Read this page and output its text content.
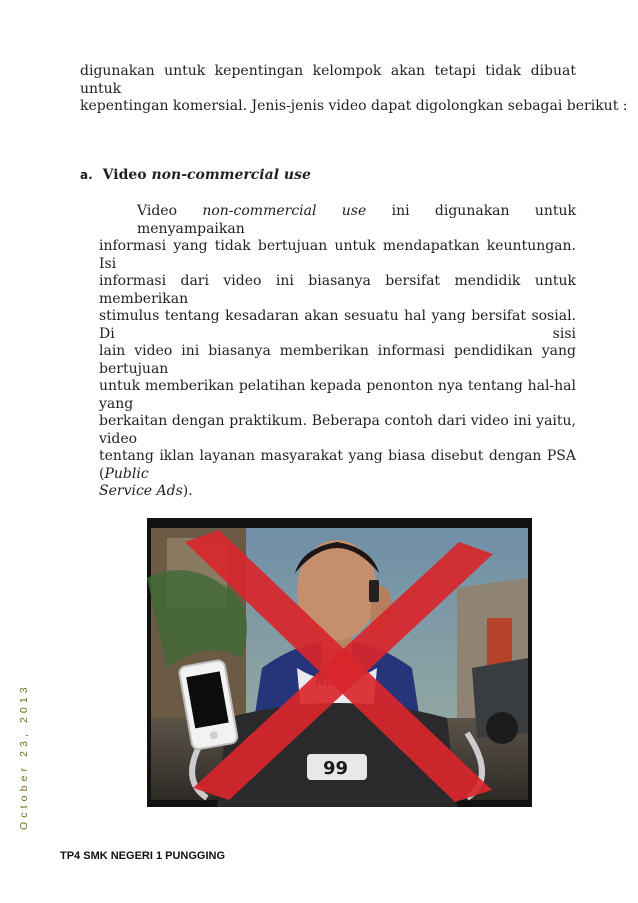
digunakan untuk kepentingan kelompok akan tetapi tidak dibuat untuk
kepentingan komersial. Jenis-jenis video dapat digolongkan sebagai berikut :
a. Video non-commercial use
Video non-commercial use ini digunakan untuk menyampaikan
informasi yang tidak bertujuan untuk mendapatkan keuntungan. Isi
informasi dari video ini biasanya bersifat mendidik untuk memberikan
stimulus tentang kesadaran akan sesuatu hal yang bersifat sosial. Di sisi
lain video ini biasanya memberikan informasi pendidikan yang bertujuan
untuk memberikan pelatihan kepada penonton nya tentang hal-hal yang
berkaitan dengan praktikum. Beberapa contoh dari video ini yaitu, video
tentang iklan layanan masyarakat yang biasa disebut dengan PSA (Public
Service Ads).
99
October 23, 2013
TP4 SMK NEGERI 1 PUNGGING
